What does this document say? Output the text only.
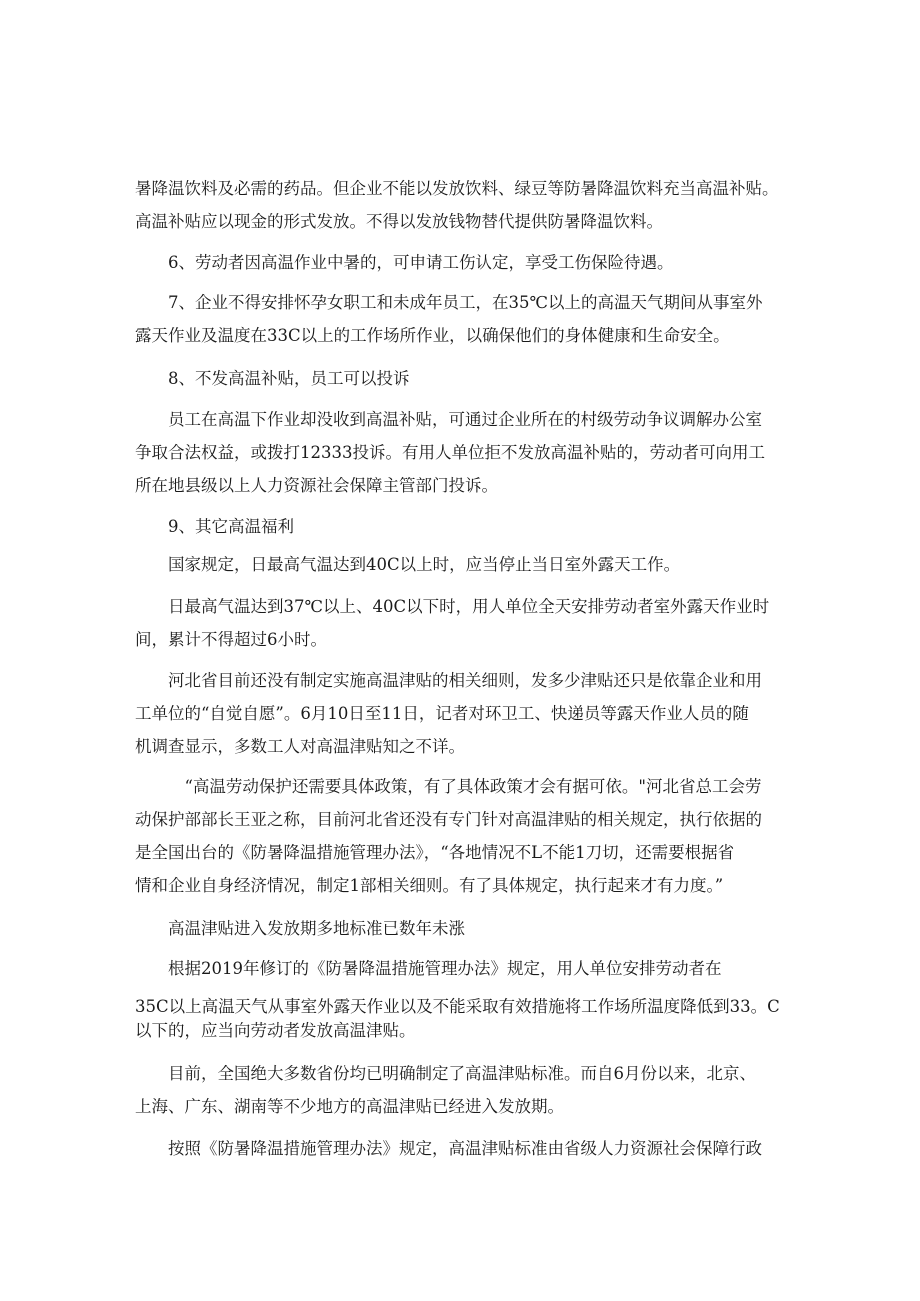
暑降温饮料及必需的药品。但企业不能以发放饮料、绿豆等防暑降温饮料充当高温补贴。
高温补贴应以现金的形式发放。不得以发放钱物替代提供防暑降温饮料。

6、劳动者因高温作业中暑的，可申请工伤认定，享受工伤保险待遇。

7、企业不得安排怀孕女职工和未成年员工，在35℃以上的高温天气期间从事室外
露天作业及温度在33C以上的工作场所作业，以确保他们的身体健康和生命安全。

8、不发高温补贴，员工可以投诉

员工在高温下作业却没收到高温补贴，可通过企业所在的村级劳动争议调解办公室
争取合法权益，或拨打12333投诉。有用人单位拒不发放高温补贴的，劳动者可向用工
所在地县级以上人力资源社会保障主管部门投诉。

9、其它高温福利

国家规定，日最高气温达到40C以上时，应当停止当日室外露天工作。

日最高气温达到37℃以上、40C以下时，用人单位全天安排劳动者室外露天作业时
间，累计不得超过6小时。

河北省目前还没有制定实施高温津贴的相关细则，发多少津贴还只是依靠企业和用
工单位的“自觉自愿”。6月10日至11日，记者对环卫工、快递员等露天作业人员的随
机调查显示，多数工人对高温津贴知之不详。

“高温劳动保护还需要具体政策，有了具体政策才会有据可依。"河北省总工会劳
动保护部部长王亚之称，目前河北省还没有专门针对高温津贴的相关规定，执行依据的
是全国出台的《防暑降温措施管理办法》，“各地情况不L不能1刀切，还需要根据省
情和企业自身经济情况，制定1部相关细则。有了具体规定，执行起来才有力度。”

高温津贴进入发放期多地标准已数年未涨

根据2019年修订的《防暑降温措施管理办法》规定，用人单位安排劳动者在

35C以上高温天气从事室外露天作业以及不能采取有效措施将工作场所温度降低到33。C
以下的，应当向劳动者发放高温津贴。

目前，全国绝大多数省份均已明确制定了高温津贴标准。而自6月份以来，北京、
上海、广东、湖南等不少地方的高温津贴已经进入发放期。

按照《防暑降温措施管理办法》规定，高温津贴标准由省级人力资源社会保障行政
